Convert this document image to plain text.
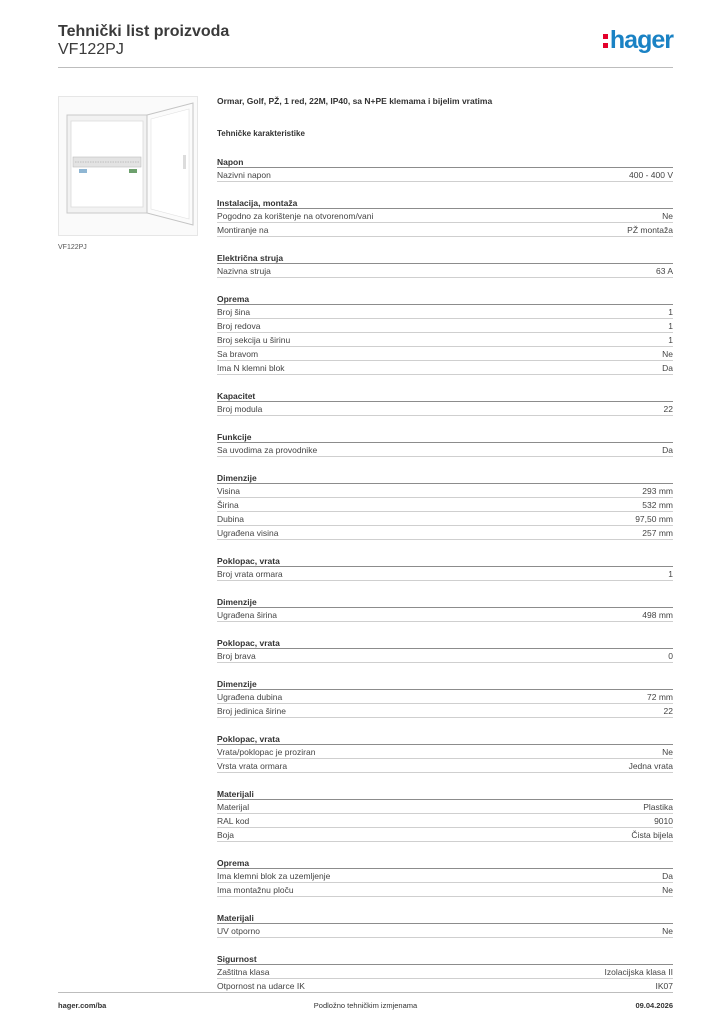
Tehnički list proizvoda
VF122PJ	hager
VF122PJ
Ormar, Golf, PŽ, 1 red, 22M, IP40, sa N+PE klemama i bijelim vratima
Tehničke karakteristike
Napon
Nazivni napon	400 - 400 V
Instalacija, montaža
Pogodno za korištenje na otvorenom/vani	Ne
Montiranje na	PŽ montaža
Električna struja
Nazivna struja	63 A
Oprema
Broj šina	1
Broj redova	1
Broj sekcija u širinu	1
Sa bravom	Ne
Ima N klemni blok	Da
Kapacitet
Broj modula	22
Funkcije
Sa uvodima za provodnike	Da
Dimenzije
Visina	293 mm
Širina	532 mm
Dubina	97,50 mm
Ugrađena visina	257 mm
Poklopac, vrata
Broj vrata ormara	1
Dimenzije
Ugrađena širina	498 mm
Poklopac, vrata
Broj brava	0
Dimenzije
Ugrađena dubina	72 mm
Broj jedinica širine	22
Poklopac, vrata
Vrata/poklopac je proziran	Ne
Vrsta vrata ormara	Jedna vrata
Materijali
Materijal	Plastika
RAL kod	9010
Boja	Čista bijela
Oprema
Ima klemni blok za uzemljenje	Da
Ima montažnu ploču	Ne
Materijali
UV otporno	Ne
Sigurnost
Zaštitna klasa	Izolacijska klasa II
Otpornost na udarce IK	IK07
hager.com/ba	Podložno tehničkim izmjenama	09.04.2026
